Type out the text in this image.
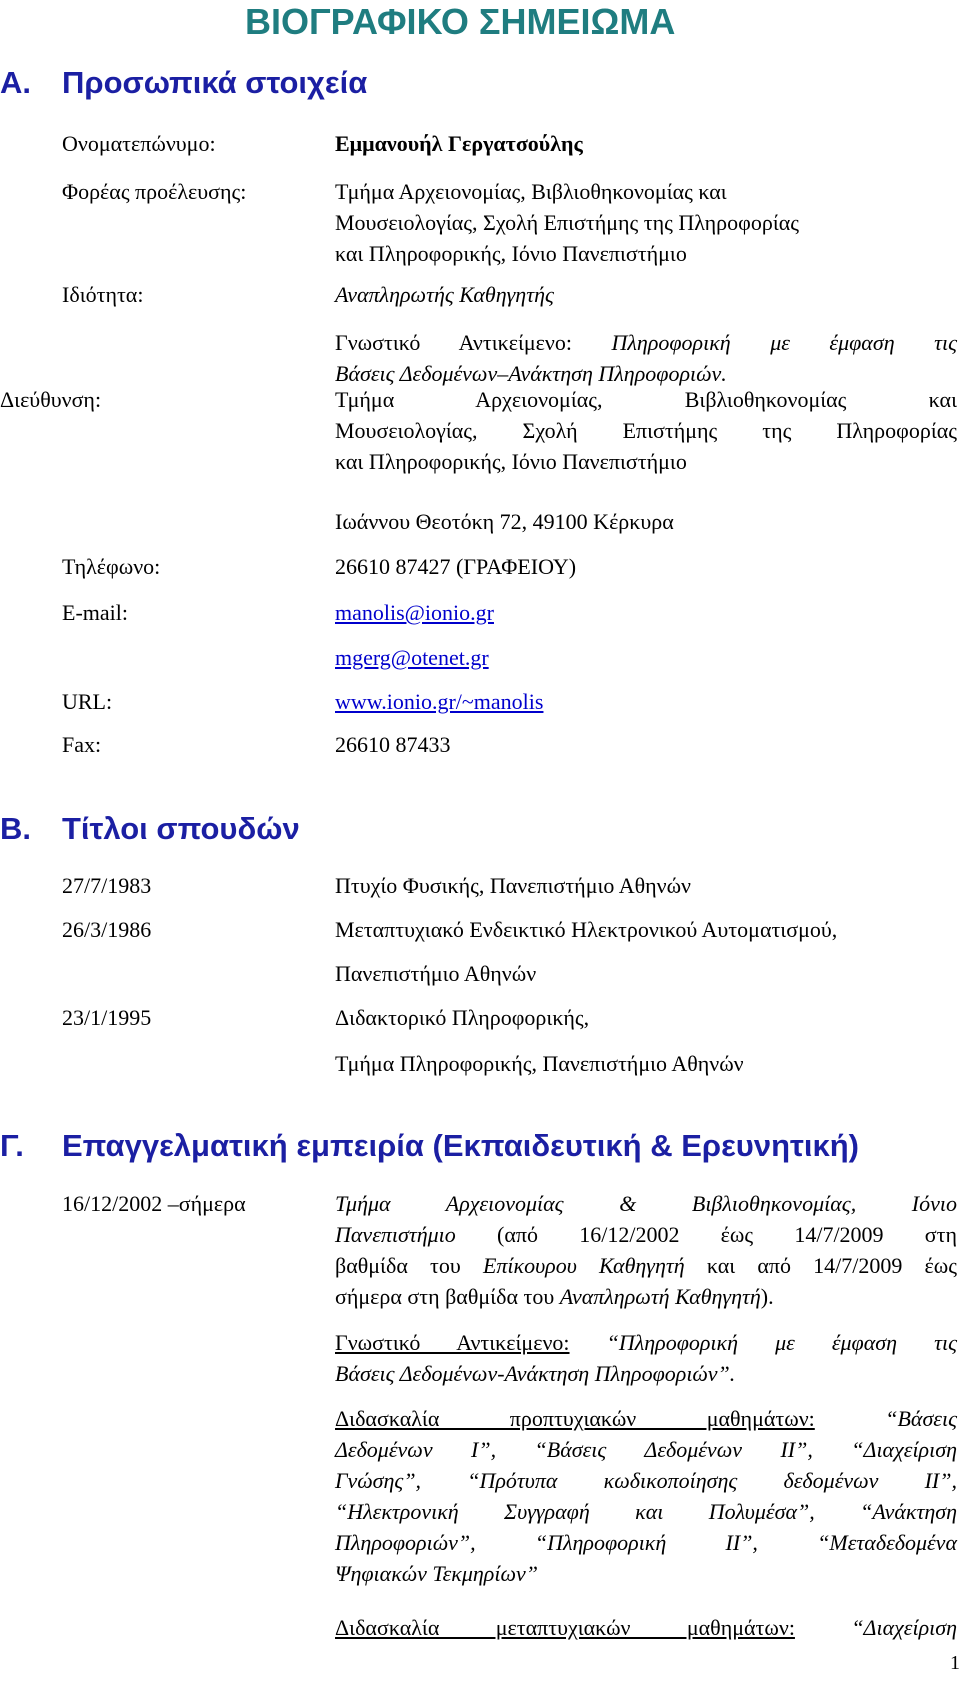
ΒΙΟΓΡΑΦΙΚΟ ΣΗΜΕΙΩΜΑ
Α. Προσωπικά στοιχεία
Ονοματεπώνυμο:	Εμμανουήλ Γεργατσούλης
Φορέας προέλευσης:	Τμήμα Αρχειονομίας, Βιβλιοθηκονομίας και
Μουσειολογίας, Σχολή Επιστήμης της Πληροφορίας
και Πληροφορικής, Ιόνιο Πανεπιστήμιο
Ιδιότητα:	Αναπληρωτής Καθηγητής
Γνωστικό Αντικείμενο: Πληροφορική με έμφαση τις
Βάσεις Δεδομένων–Ανάκτηση Πληροφοριών.
Διεύθυνση:	Τμήμα Αρχειονομίας, Βιβλιοθηκονομίας και
Μουσειολογίας, Σχολή Επιστήμης της Πληροφορίας
και Πληροφορικής, Ιόνιο Πανεπιστήμιο
Ιωάννου Θεοτόκη 72, 49100 Κέρκυρα
Τηλέφωνο:	26610 87427 (ΓΡΑΦΕΙΟΥ)
E-mail:	manolis@ionio.gr
mgerg@otenet.gr
URL:	www.ionio.gr/~manolis
Fax:	26610 87433
Β. Τίτλοι σπουδών
27/7/1983	Πτυχίο Φυσικής, Πανεπιστήμιο Αθηνών
26/3/1986	Μεταπτυχιακό Ενδεικτικό Ηλεκτρονικού Αυτοματισμού,
Πανεπιστήμιο Αθηνών
23/1/1995	Διδακτορικό Πληροφορικής,
Τμήμα Πληροφορικής, Πανεπιστήμιο Αθηνών
Γ. Επαγγελματική εμπειρία (Εκπαιδευτική & Ερευνητική)
16/12/2002 –σήμερα	Τμήμα Αρχειονομίας & Βιβλιοθηκονομίας, Ιόνιο
Πανεπιστήμιο (από 16/12/2002 έως 14/7/2009 στη
βαθμίδα του Επίκουρου Καθηγητή και από 14/7/2009 έως
σήμερα στη βαθμίδα του Αναπληρωτή Καθηγητή).
Γνωστικό Αντικείμενο: “Πληροφορική με έμφαση τις
Βάσεις Δεδομένων-Ανάκτηση Πληροφοριών”.
Διδασκαλία προπτυχιακών μαθημάτων:	“Βάσεις
Δεδομένων Ι”, “Βάσεις Δεδομένων ΙΙ”, “Διαχείριση
Γνώσης”, “Πρότυπα κωδικοποίησης δεδομένων ΙΙ”,
“Ηλεκτρονική Συγγραφή και Πολυμέσα”, “Ανάκτηση
Πληροφοριών”, “Πληροφορική ΙΙ”, “Μεταδεδομένα
Ψηφιακών Τεκμηρίων”
Διδασκαλία μεταπτυχιακών μαθημάτων:	“Διαχείριση
1
